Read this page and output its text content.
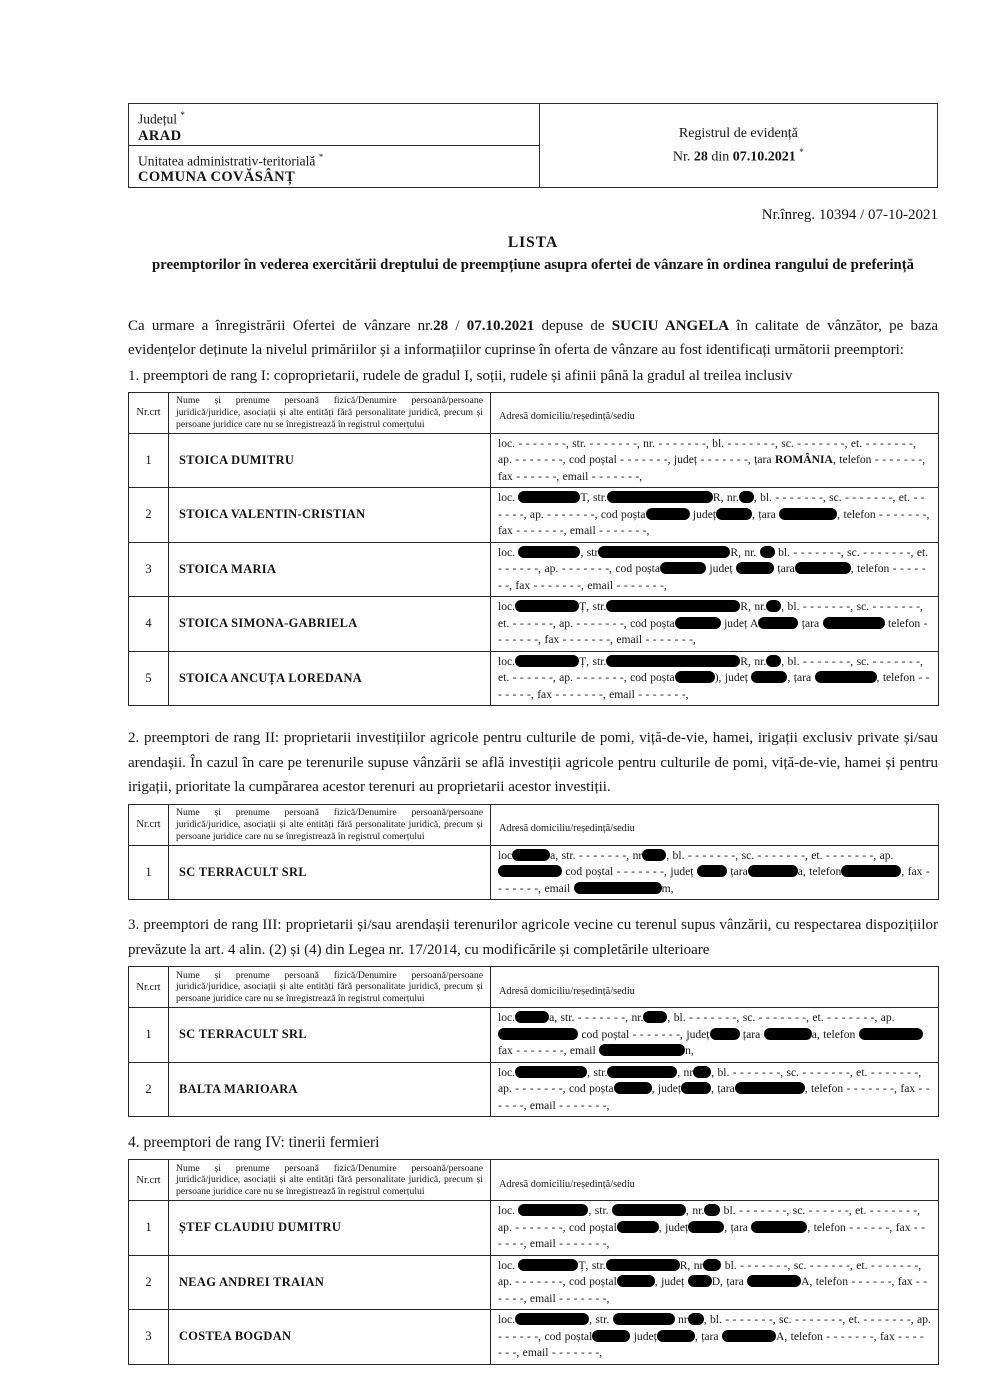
Județul *
ARAD
Unitatea administrativ-teritorială *
COMUNA COVĂSÂNȚ
Registrul de evidență
Nr. 28 din 07.10.2021 *
Nr.înreg. 10394 / 07-10-2021
LISTA
preemptorilor în vederea exercitării dreptului de preempțiune asupra ofertei de vânzare în ordinea rangului de preferință
Ca urmare a înregistrării Ofertei de vânzare nr.28 / 07.10.2021 depuse de SUCIU ANGELA în calitate de vânzător, pe baza evidențelor deținute la nivelul primăriilor și a informațiilor cuprinse în oferta de vânzare au fost identificați următorii preemptori:
1. preemptori de rang I: coproprietarii, rudele de gradul I, soții, rudele și afinii până la gradul al treilea inclusiv
Nr.crt	Nume și prenume persoană fizică/Denumire persoană/persoane juridică/juridice, asociații și alte entități fără personalitate juridică, precum și persoane juridice care nu se înregistrează în registrul comerțului	Adresă domiciliu/reședință/sediu
1	STOICA DUMITRU	loc. - - - - - - -, str. - - - - - - -, nr. - - - - - - -, bl. - - - - - - -, sc. - - - - - - -, et. - - - - - - -, ap. - - - - - - -, cod poștal - - - - - - -, județ - - - - - - -, țara ROMÂNIA, telefon - - - - - - -, fax - - - - - -, email - - - - - - -,
2	STOICA VALENTIN-CRISTIAN	loc. T, str. R, nr. , bl. - - - - - - -, sc. - - - - - - -, et. - - - - - -, ap. - - - - - - -, cod poșta județ , țara , telefon - - - - - - -, fax - - - - - - -, email - - - - - - -,
3	STOICA MARIA	loc. , str R, nr.  bl. - - - - - - -, sc. - - - - - - -, et. - - - - - -, ap. - - - - - - -, cod poșta județ țara , telefon - - - - - - -, fax - - - - - - -, email - - - - - - -,
4	STOICA SIMONA-GABRIELA	loc. Ț, str. R, nr. , bl. - - - - - - -, sc. - - - - - - -, et. - - - - - -, ap. - - - - - - -, cod poșta județ A țara telefon - - - - - - -, fax - - - - - - -, email - - - - - - -,
5	STOICA ANCUȚA LOREDANA	loc. Ț, str. R, nr. , bl. - - - - - - -, sc. - - - - - - -, et. - - - - - -, ap. - - - - - - -, cod poșta ), județ , țara , telefon - - - - - - -, fax - - - - - - -, email - - - - - - -,
2. preemptori de rang II: proprietarii investițiilor agricole pentru culturile de pomi, viță-de-vie, hamei, irigații exclusiv private și/sau arendașii. În cazul în care pe terenurile supuse vânzării se află investiții agricole pentru culturile de pomi, viță-de-vie, hamei și pentru irigații, prioritate la cumpărarea acestor terenuri au proprietarii acestor investiții.
Nr.crt	Nume și prenume persoană fizică/Denumire persoană/persoane juridică/juridice, asociații și alte entități fără personalitate juridică, precum și persoane juridice care nu se înregistrează în registrul comerțului	Adresă domiciliu/reședință/sediu
1	SC TERRACULT SRL	loc a, str. - - - - - - -, nr , bl. - - - - - - -, sc. - - - - - - -, et. - - - - - - -, ap.  cod poștal - - - - - - -, județ țara a, telefon , fax - - - - - - -, email m,
3. preemptori de rang III: proprietarii și/sau arendașii terenurilor agricole vecine cu terenul supus vânzării, cu respectarea dispozițiilor prevăzute la art. 4 alin. (2) și (4) din Legea nr. 17/2014, cu modificările și completările ulterioare
Nr.crt	Nume și prenume persoană fizică/Denumire persoană/persoane juridică/juridice, asociații și alte entități fără personalitate juridică, precum și persoane juridice care nu se înregistrează în registrul comerțului	Adresă domiciliu/reședință/sediu
1	SC TERRACULT SRL	loc. a, str. - - - - - - -, nr. , bl. - - - - - - -, sc. - - - - - - -, et. - - - - - - -, ap.  cod poștal - - - - - - -, județ țara a, telefon fax - - - - - - -, email n,
2	BALTA MARIOARA	loc. , str. , nr , bl. - - - - - - -, sc. - - - - - - -, et. - - - - - - -, ap. - - - - - - -, cod poșta , județ , țara , telefon - - - - - - -, fax - - - - - -, email - - - - - - -,
4. preemptori de rang IV: tinerii fermieri
Nr.crt	Nume și prenume persoană fizică/Denumire persoană/persoane juridică/juridice, asociații și alte entități fără personalitate juridică, precum și persoane juridice care nu se înregistrează în registrul comerțului	Adresă domiciliu/reședință/sediu
1	ȘTEF CLAUDIU DUMITRU	loc. , str. , nr. bl. - - - - - - -, sc. - - - - - -, et. - - - - - - -, ap. - - - - - - -, cod poștal , județ , țara , telefon - - - - - -, fax - - - - - -, email - - - - - - -,
2	NEAG ANDREI TRAIAN	loc. Ț, str. R, nr bl. - - - - - - -, sc. - - - - - -, et. - - - - - - -, ap. - - - - - - -, cod poștal , județ D, țara A, telefon - - - - - -, fax - - - - - -, email - - - - - - -,
3	COSTEA BOGDAN	loc. , str. nr , bl. - - - - - - -, sc. - - - - - - -, et. - - - - - - -, ap. - - - - - -, cod poștal județ , țara A, telefon - - - - - - -, fax - - - - - - -, email - - - - - - -,
